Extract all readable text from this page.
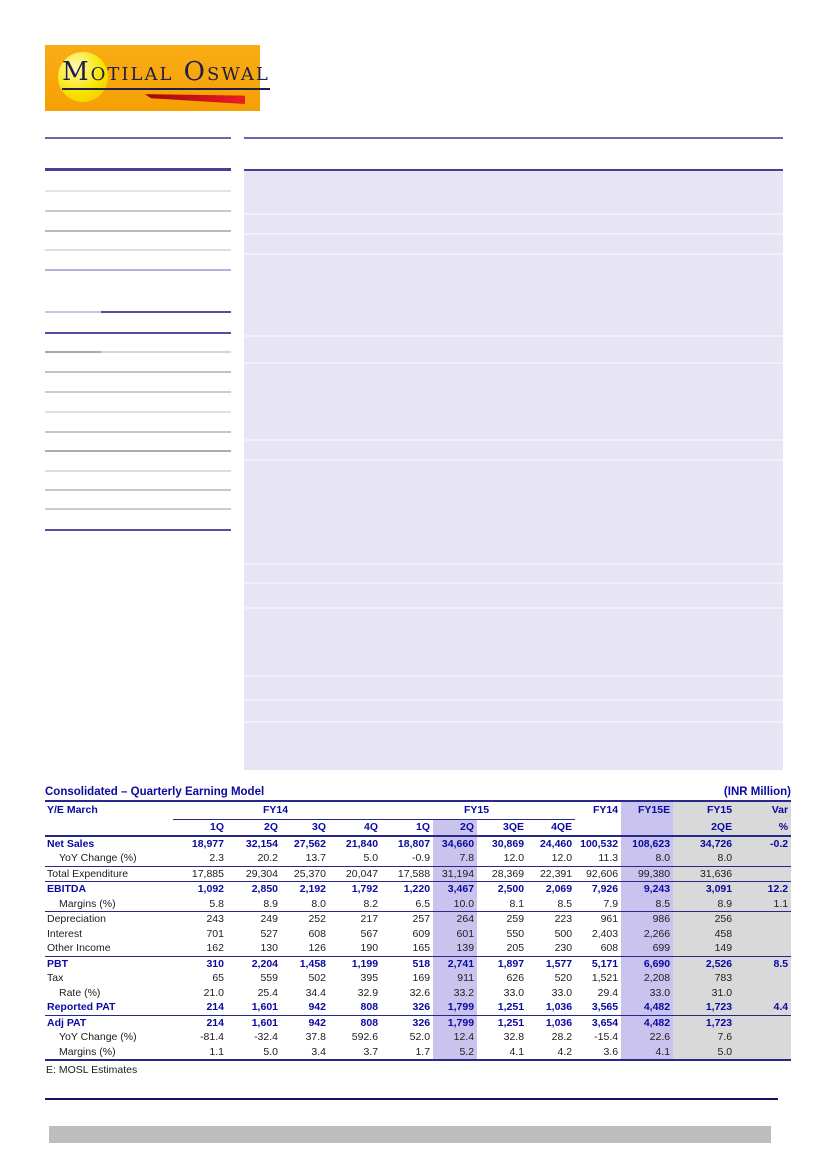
Motilal Oswal
Consolidated – Quarterly Earning Model	(INR Million)
Y/E March	FY14				FY15				FY14	FY15E	FY15	Var
	1Q	2Q	3Q	4Q	1Q	2Q	3QE	4QE			2QE	%
Net Sales	18,977	32,154	27,562	21,840	18,807	34,660	30,869	24,460	100,532	108,623	34,726	-0.2
YoY Change (%)	2.3	20.2	13.7	5.0	-0.9	7.8	12.0	12.0	11.3	8.0	8.0	
Total Expenditure	17,885	29,304	25,370	20,047	17,588	31,194	28,369	22,391	92,606	99,380	31,636	
EBITDA	1,092	2,850	2,192	1,792	1,220	3,467	2,500	2,069	7,926	9,243	3,091	12.2
Margins (%)	5.8	8.9	8.0	8.2	6.5	10.0	8.1	8.5	7.9	8.5	8.9	1.1
Depreciation	243	249	252	217	257	264	259	223	961	986	256	
Interest	701	527	608	567	609	601	550	500	2,403	2,266	458	
Other Income	162	130	126	190	165	139	205	230	608	699	149	
PBT	310	2,204	1,458	1,199	518	2,741	1,897	1,577	5,171	6,690	2,526	8.5
Tax	65	559	502	395	169	911	626	520	1,521	2,208	783	
Rate (%)	21.0	25.4	34.4	32.9	32.6	33.2	33.0	33.0	29.4	33.0	31.0	
Reported PAT	214	1,601	942	808	326	1,799	1,251	1,036	3,565	4,482	1,723	4.4
Adj PAT	214	1,601	942	808	326	1,799	1,251	1,036	3,654	4,482	1,723	
YoY Change (%)	-81.4	-32.4	37.8	592.6	52.0	12.4	32.8	28.2	-15.4	22.6	7.6	
Margins (%)	1.1	5.0	3.4	3.7	1.7	5.2	4.1	4.2	3.6	4.1	5.0	
E: MOSL Estimates
